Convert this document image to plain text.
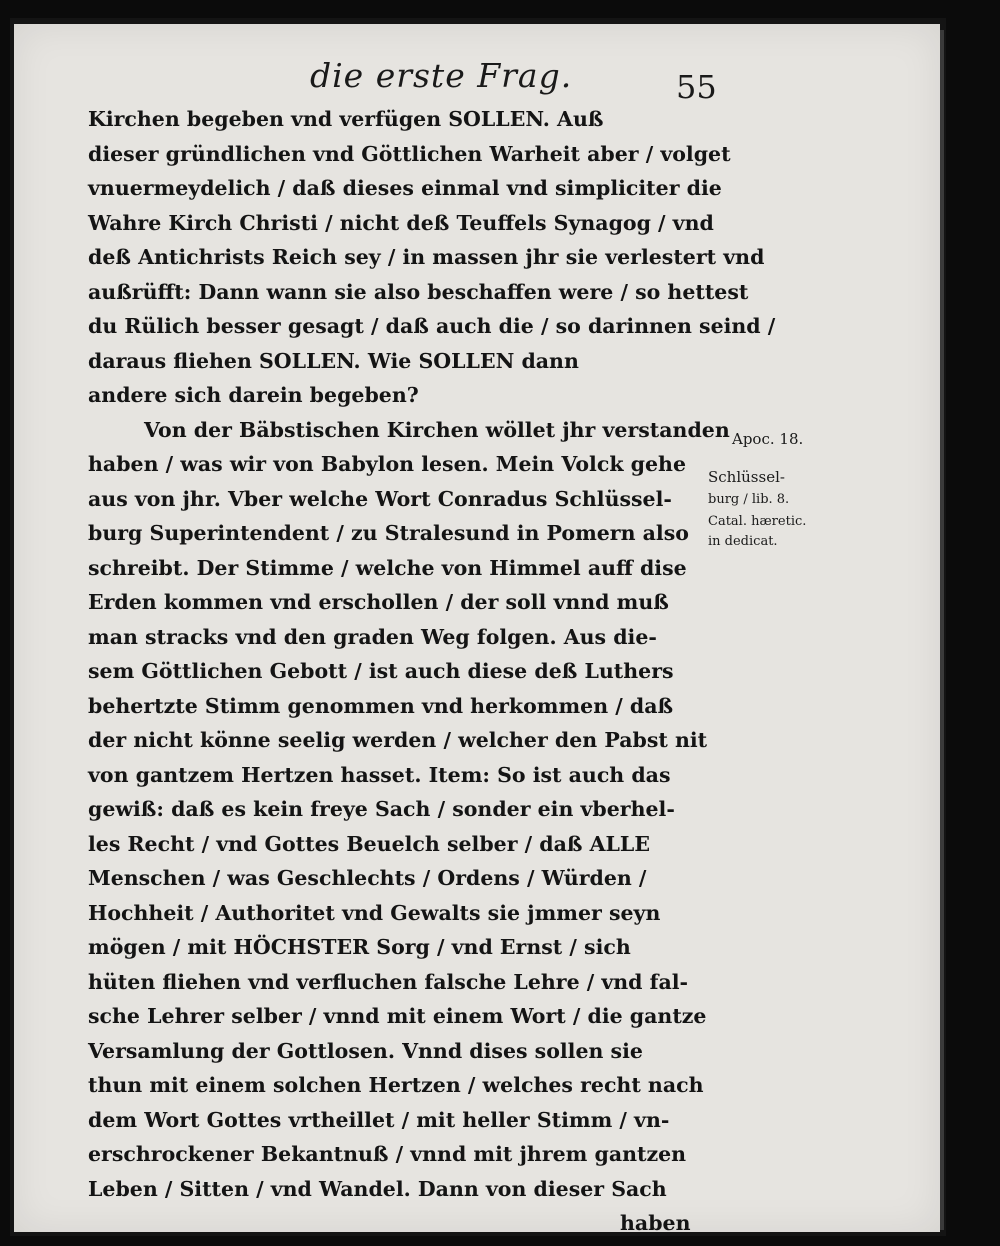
die erste Frag.	55
Kirchen begeben vnd verfügen SOLLEN. Auß
dieser gründlichen vnd Göttlichen Warheit aber / volget
vnuermeydelich / daß dieses einmal vnd simpliciter die
Wahre Kirch Christi / nicht deß Teuffels Synagog / vnd
deß Antichrists Reich sey / in massen jhr sie verlestert vnd
außrüfft: Dann wann sie also beschaffen were / so hettest
du Rülich besser gesagt / daß auch die / so darinnen seind /
daraus fliehen SOLLEN. Wie SOLLEN dann
andere sich darein begeben?
Von der Bäbstischen Kirchen wöllet jhr verstanden
haben / was wir von Babylon lesen. Mein Volck gehe
aus von jhr. Vber welche Wort Conradus Schlüssel-
burg Superintendent / zu Stralesund in Pomern also
schreibt. Der Stimme / welche von Himmel auff dise
Erden kommen vnd erschollen / der soll vnnd muß
man stracks vnd den graden Weg folgen. Aus die-
sem Göttlichen Gebott / ist auch diese deß Luthers
behertzte Stimm genommen vnd herkommen / daß
der nicht könne seelig werden / welcher den Pabst nit
von gantzem Hertzen hasset. Item: So ist auch das
gewiß: daß es kein freye Sach / sonder ein vberhel-
les Recht / vnd Gottes Beuelch selber / daß ALLE
Menschen / was Geschlechts / Ordens / Würden /
Hochheit / Authoritet vnd Gewalts sie jmmer seyn
mögen / mit HÖCHSTER Sorg / vnd Ernst / sich
hüten fliehen vnd verfluchen falsche Lehre / vnd fal-
sche Lehrer selber / vnnd mit einem Wort / die gantze
Versamlung der Gottlosen. Vnnd dises sollen sie
thun mit einem solchen Hertzen / welches recht nach
dem Wort Gottes vrtheillet / mit heller Stimm / vn-
erschrockener Bekantnuß / vnnd mit jhrem gantzen
Leben / Sitten / vnd Wandel. Dann von dieser Sach
haben
Apoc. 18.
Schlüssel-
burg / lib. 8.
Catal. hæretic.
in dedicat.
